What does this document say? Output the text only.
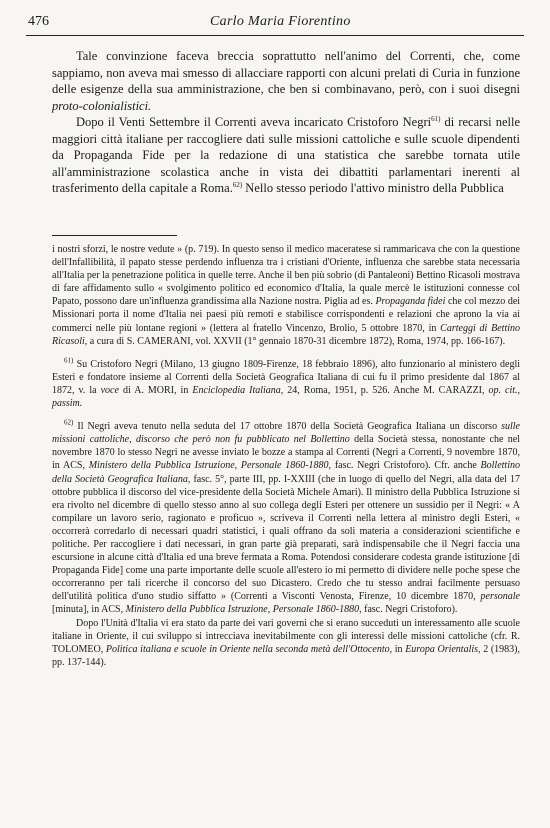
476	Carlo Maria Fiorentino

Tale convinzione faceva breccia soprattutto nell'animo del Correnti, che, come sappiamo, non aveva mai smesso di allacciare rapporti con alcuni prelati di Curia in funzione delle esigenze della sua amministrazione, che ben si combinavano, però, con i suoi disegni proto-colonialistici.

Dopo il Venti Settembre il Correnti aveva incaricato Cristoforo Negri$^{61)}$ di recarsi nelle maggiori città italiane per raccogliere dati sulle missioni cattoliche e sulle scuole dipendenti da Propaganda Fide per la redazione di una statistica che sarebbe tornata utile all'amministrazione scolastica anche in vista dei dibattiti parlamentari inerenti al trasferimento della capitale a Roma.$^{62)}$ Nello stesso periodo l'attivo ministro della Pubblica

i nostri sforzi, le nostre vedute » (p. 719). In questo senso il medico maceratese si rammaricava che con la questione dell'Infallibilità, il papato stesse perdendo influenza tra i cristiani d'Oriente, influenza che sarebbe stata necessaria all'Italia per la penetrazione politica in quelle terre. Anche il ben più sobrio (di Pantaleoni) Bettino Ricasoli mostrava di fare affidamento sullo « svolgimento politico ed economico d'Italia, la quale mercè le istituzioni connesse col Papato, possono dare un'influenza grandissima alla Nazione nostra. Piglia ad es. Propaganda fidei che col mezzo dei Missionari porta il nome d'Italia nei paesi più remoti e stabilisce corrispondenti e relazioni che aprono la via ai commerci nelle più lontane regioni » (lettera al fratello Vincenzo, Brolio, 5 ottobre 1870, in Carteggi di Bettino Ricasoli, a cura di S. CAMERANI, vol. XXVII (1° gennaio 1870-31 dicembre 1872), Roma, 1974, pp. 166-167).

$^{61)}$ Su Cristoforo Negri (Milano, 13 giugno 1809-Firenze, 18 febbraio 1896), alto funzionario al ministero degli Esteri e fondatore insieme al Correnti della Società Geografica Italiana di cui fu il primo presidente dal 1867 al 1872, v. la voce di A. MORI, in Enciclopedia Italiana, 24, Roma, 1951, p. 526. Anche M. CARAZZI, op. cit., passim.

$^{62)}$ Il Negri aveva tenuto nella seduta del 17 ottobre 1870 della Società Geografica Italiana un discorso sulle missioni cattoliche, discorso che però non fu pubblicato nel Bollettino della Società stessa, nonostante che nel novembre 1870 lo stesso Negri ne avesse inviato le bozze a stampa al Correnti (Negri a Correnti, 9 novembre 1870, in ACS, Ministero della Pubblica Istruzione, Personale 1860-1880, fasc. Negri Cristoforo). Cfr. anche Bollettino della Società Geografica Italiana, fasc. 5°, parte III, pp. I-XXIII (che in luogo di quello del Negri, alla data del 17 ottobre pubblica il discorso del vice-presidente della Società Michele Amari). Il ministro della Pubblica Istruzione si era rivolto nel dicembre di quello stesso anno al suo collega degli Esteri per ottenere un sussidio per il Negri: « A compilare un lavoro serio, ragionato e proficuo », scriveva il Correnti nella lettera al ministro degli Esteri, « occorrerà corredarlo di necessari quadri statistici, i quali offrano da soli materia a considerazioni scientifiche e politiche. Per raccogliere i dati necessari, in gran parte già preparati, sarà indispensabile che il Negri faccia una escursione in alcune città d'Italia ed una breve fermata a Roma. Potendosi considerare codesta grande istituzione [di Propaganda Fide] come una parte importante delle scuole all'estero io mi permetto di dividere nelle poche spese che occorreranno per tali ricerche il concorso del suo Dicastero. Credo che tu stesso andrai facilmente persuaso dell'utilità politica d'uno studio siffatto » (Correnti a Visconti Venosta, Firenze, 10 dicembre 1870, personale [minuta], in ACS, Ministero della Pubblica Istruzione, Personale 1860-1880, fasc. Negri Cristoforo).

Dopo l'Unità d'Italia vi era stato da parte dei vari governi che si erano succeduti un interessamento alle scuole italiane in Oriente, il cui sviluppo si intrecciava inevitabilmente con gli interessi delle missioni cattoliche (cfr. R. TOLOMEO, Politica italiana e scuole in Oriente nella seconda metà dell'Ottocento, in Europa Orientalis, 2 (1983), pp. 137-144).
